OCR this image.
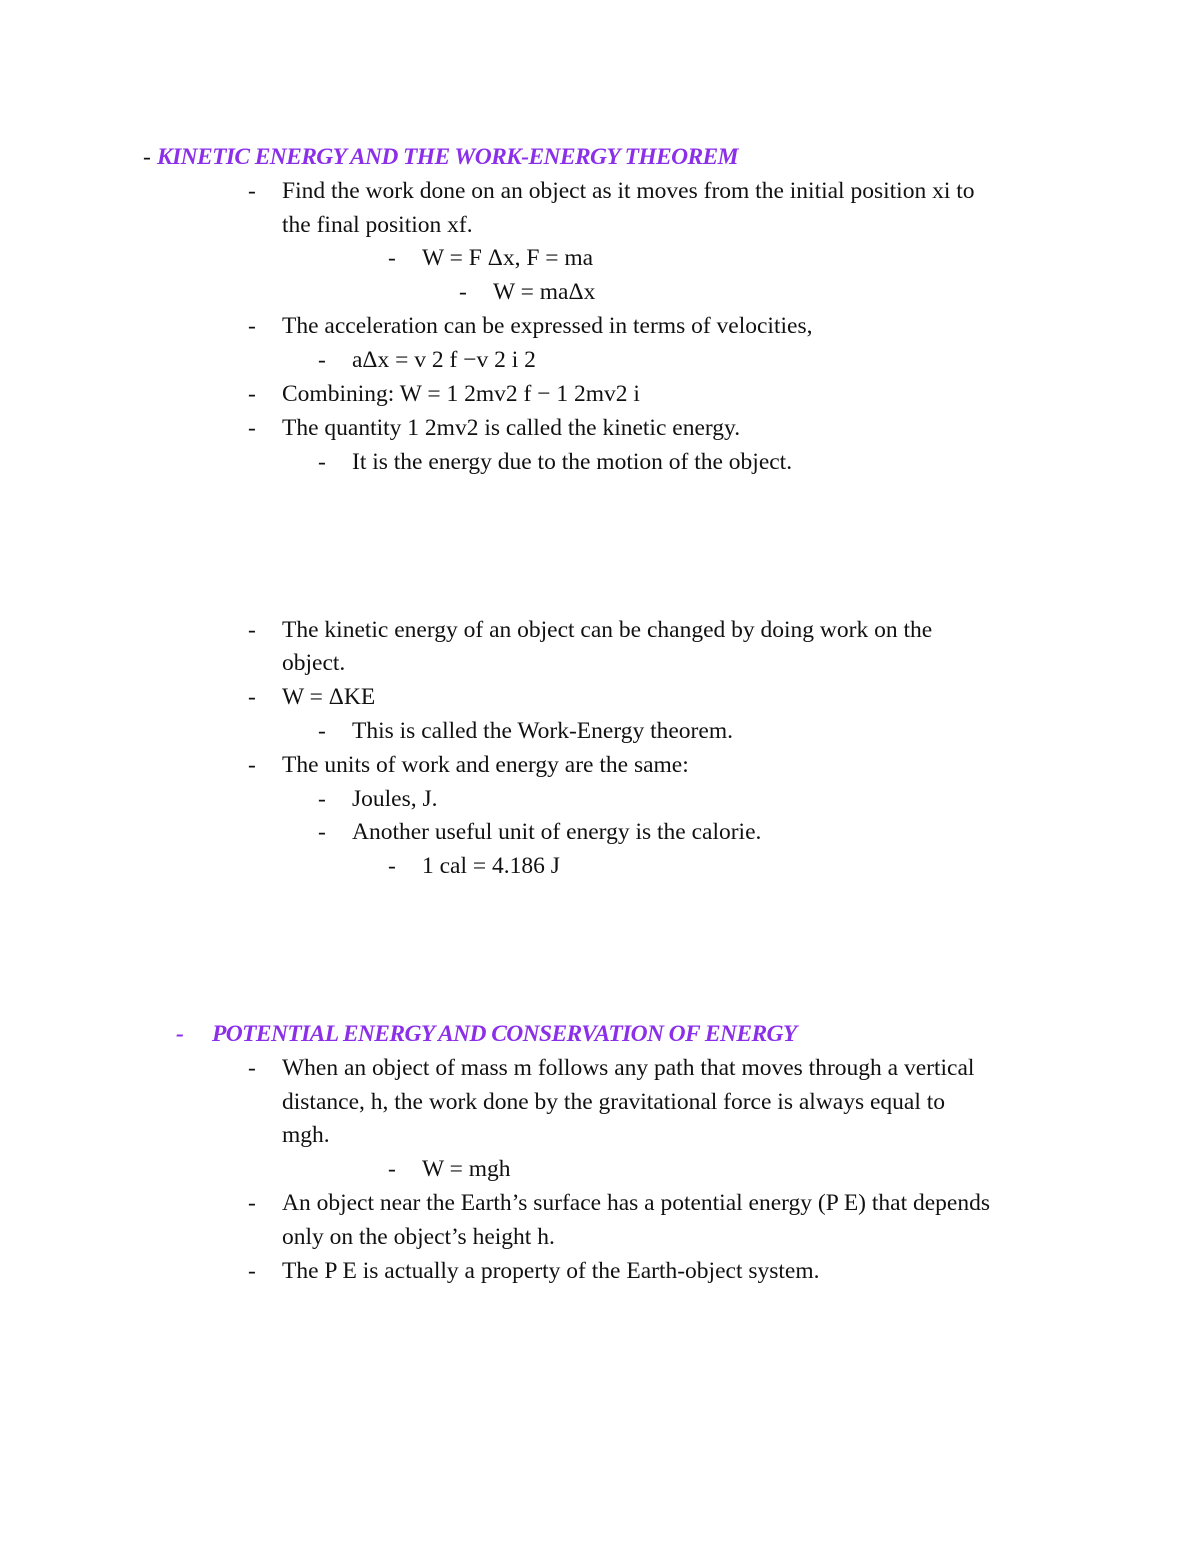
- KINETIC ENERGY AND THE WORK-ENERGY THEOREM
- Find the work done on an object as it moves from the initial position xi to
the final position xf.
- W = F Δx, F = ma
- W = maΔx
- The acceleration can be expressed in terms of velocities,
- aΔx = v 2 f −v 2 i 2
- Combining: W = 1 2mv2 f − 1 2mv2 i
- The quantity 1 2mv2 is called the kinetic energy.
- It is the energy due to the motion of the object.
- The kinetic energy of an object can be changed by doing work on the
object.
- W = ΔKE
- This is called the Work-Energy theorem.
- The units of work and energy are the same:
- Joules, J.
- Another useful unit of energy is the calorie.
- 1 cal = 4.186 J
- POTENTIAL ENERGY AND CONSERVATION OF ENERGY
- When an object of mass m follows any path that moves through a vertical
distance, h, the work done by the gravitational force is always equal to
mgh.
- W = mgh
- An object near the Earth’s surface has a potential energy (P E) that depends
only on the object’s height h.
- The P E is actually a property of the Earth-object system.
